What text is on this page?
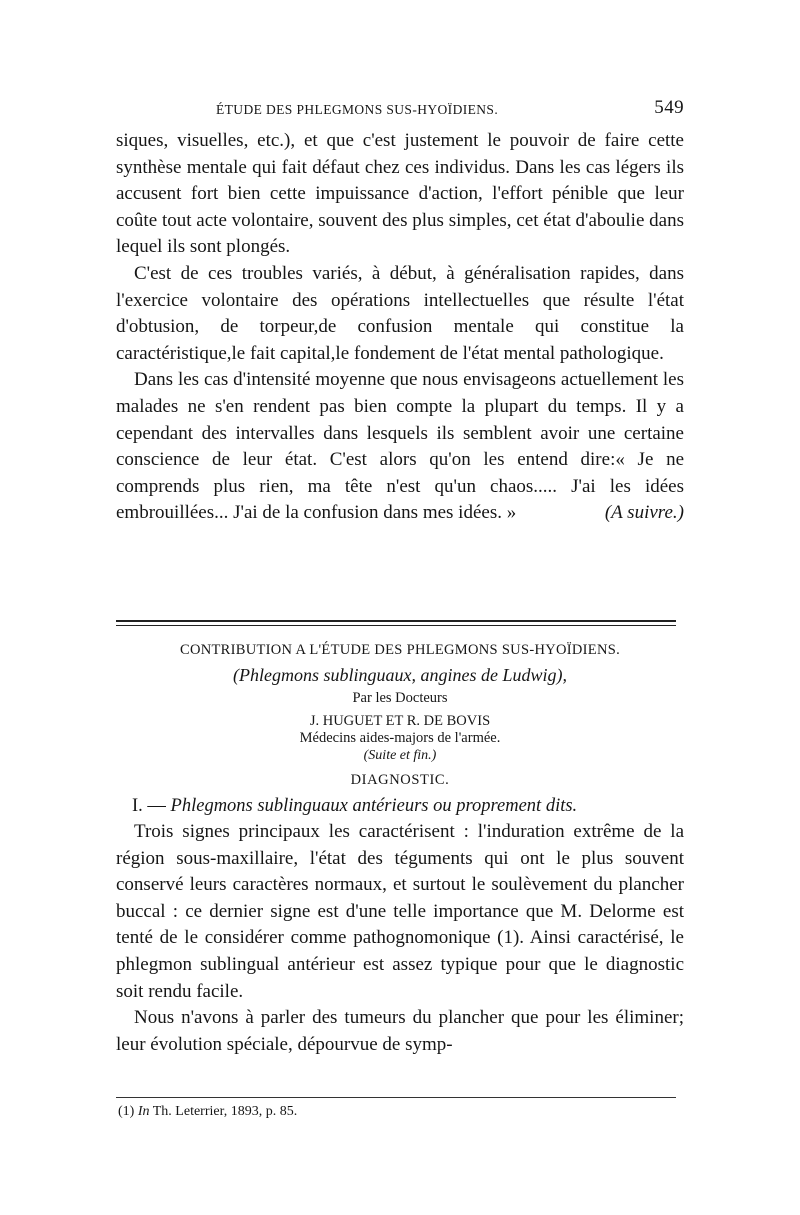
ÉTUDE DES PHLEGMONS SUS-HYOÏDIENS.	549

siques, visuelles, etc.), et que c'est justement le pouvoir de faire cette synthèse mentale qui fait défaut chez ces individus. Dans les cas légers ils accusent fort bien cette impuissance d'action, l'effort pénible que leur coûte tout acte volontaire, souvent des plus simples, cet état d'aboulie dans lequel ils sont plongés.

C'est de ces troubles variés, à début, à généralisation rapides, dans l'exercice volontaire des opérations intellectuelles que résulte l'état d'obtusion, de torpeur,de confusion mentale qui constitue la caractéristique,le fait capital,le fondement de l'état mental pathologique.

Dans les cas d'intensité moyenne que nous envisageons actuellement les malades ne s'en rendent pas bien compte la plupart du temps. Il y a cependant des intervalles dans lesquels ils semblent avoir une certaine conscience de leur état. C'est alors qu'on les entend dire:« Je ne comprends plus rien, ma tête n'est qu'un chaos..... J'ai les idées embrouillées... J'ai de la confusion dans mes idées. »	(A suivre.)

CONTRIBUTION A L'ÉTUDE DES PHLEGMONS SUS-HYOÏDIENS.

(Phlegmons sublinguaux, angines de Ludwig),

Par les Docteurs

J. HUGUET ET R. DE BOVIS

Médecins aides-majors de l'armée.

(Suite et fin.)

DIAGNOSTIC.

I. — Phlegmons sublinguaux antérieurs ou proprement dits.

Trois signes principaux les caractérisent : l'induration extrême de la région sous-maxillaire, l'état des téguments qui ont le plus souvent conservé leurs caractères normaux, et surtout le soulèvement du plancher buccal : ce dernier signe est d'une telle importance que M. Delorme est tenté de le considérer comme pathognomonique (1). Ainsi caractérisé, le phlegmon sublingual antérieur est assez typique pour que le diagnostic soit rendu facile.

Nous n'avons à parler des tumeurs du plancher que pour les éliminer; leur évolution spéciale, dépourvue de symp-

(1) In Th. Leterrier, 1893, p. 85.
